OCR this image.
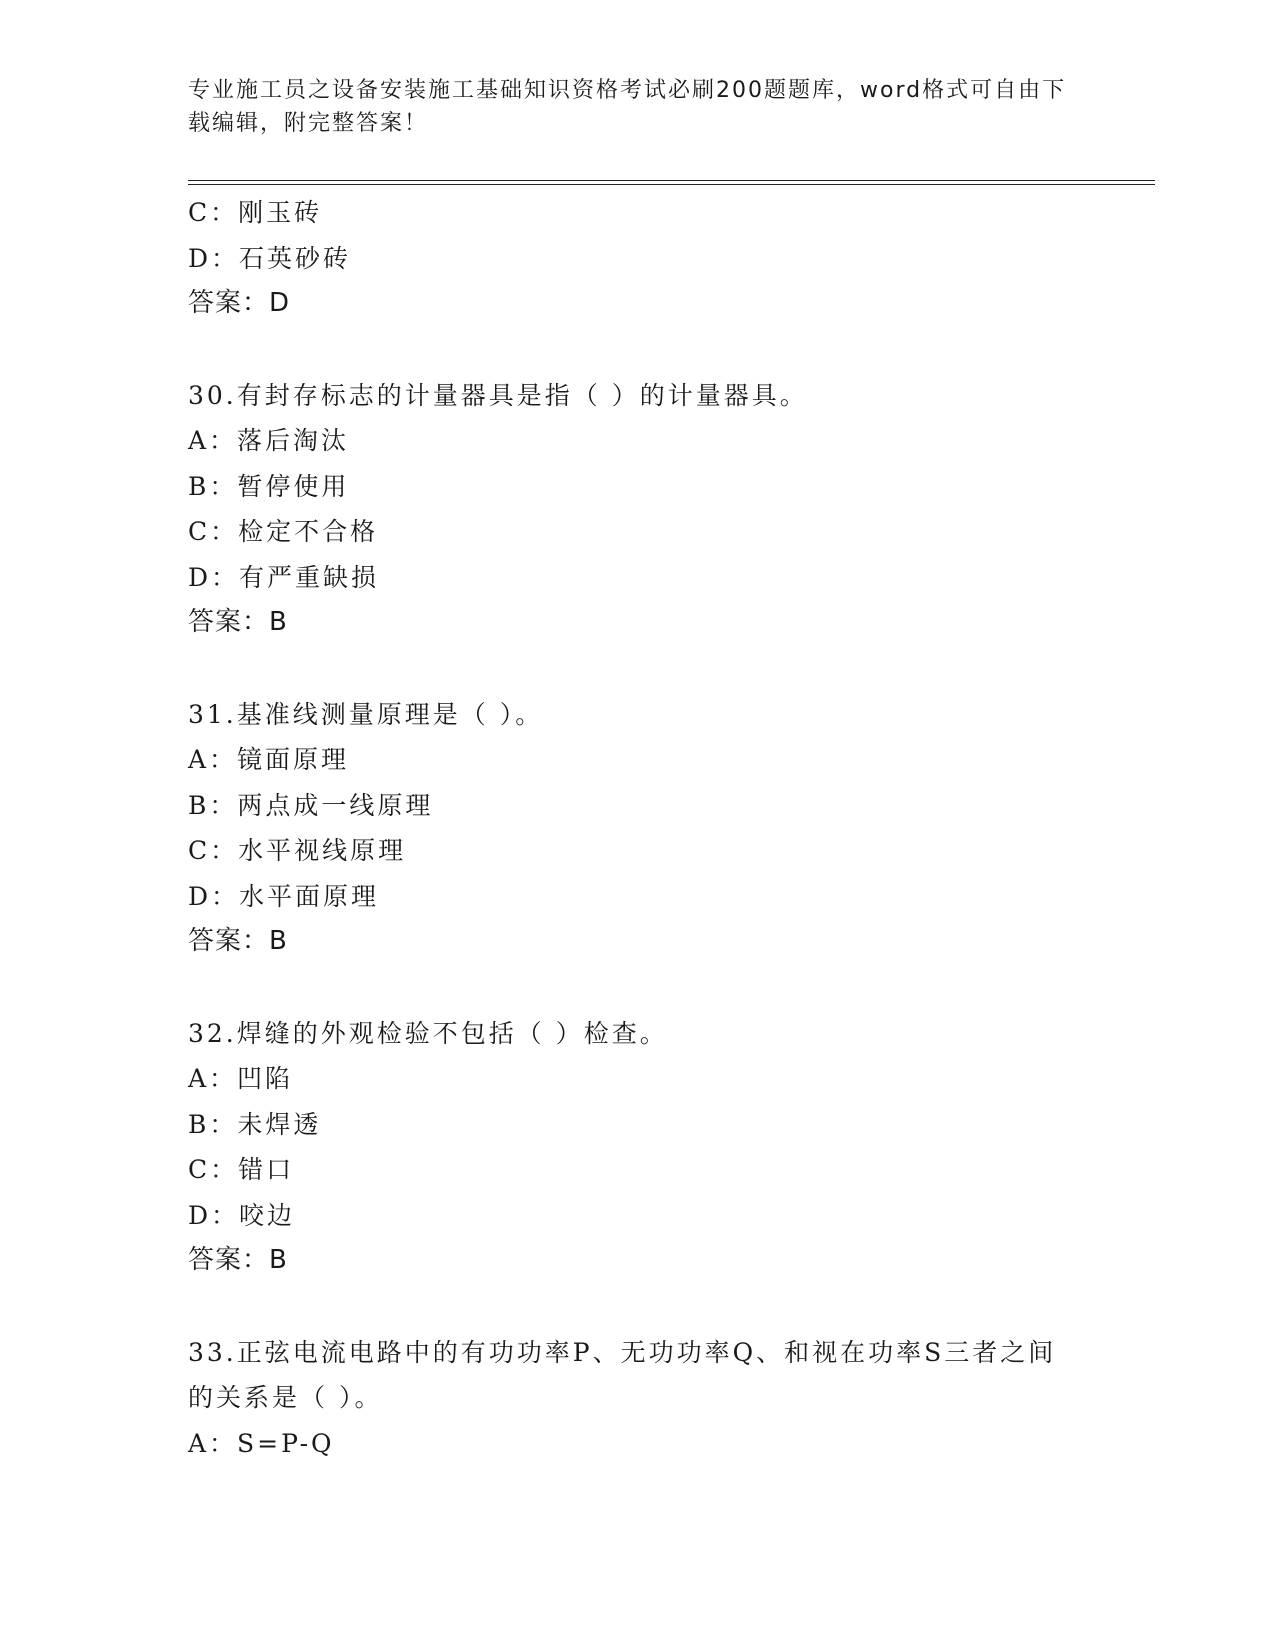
专业施工员之设备安装施工基础知识资格考试必刷200题题库，word格式可自由下载编辑，附完整答案！
C：刚玉砖
D：石英砂砖
答案：D
30.有封存标志的计量器具是指（ ）的计量器具。
A：落后淘汰
B：暂停使用
C：检定不合格
D：有严重缺损
答案：B
31.基准线测量原理是（ ）。
A：镜面原理
B：两点成一线原理
C：水平视线原理
D：水平面原理
答案：B
32.焊缝的外观检验不包括（ ）检查。
A：凹陷
B：未焊透
C：错口
D：咬边
答案：B
33.正弦电流电路中的有功功率P、无功功率Q、和视在功率S三者之间的关系是（ ）。
A：S=P-Q
